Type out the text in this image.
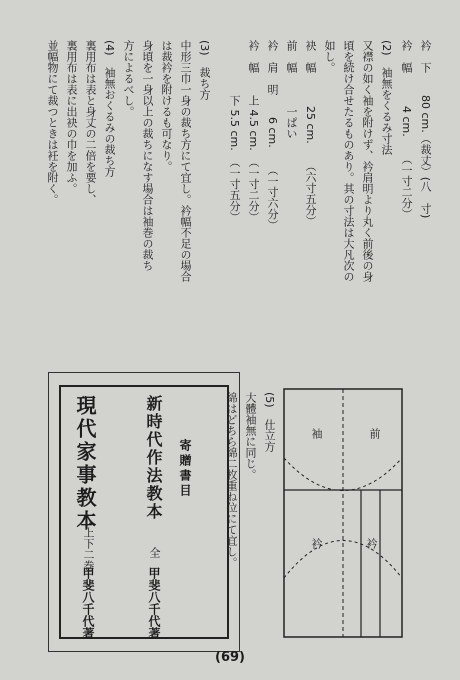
衿　下　　80 cm.（裁丈）(八　寸)
衿　幅　　　4 cm.　　（一寸二分）
(2)　袖無をくるみ寸法
又襟の如く袖を附けず、衿肩明より丸く前後の身
頃を続け合せたるものあり。其の寸法は大凡次の
如し。
袂　幅　　　25 cm.　　（六寸五分）
前　幅　　　一ぱい
衿　肩　明　　6 cm.　　（一寸六分）
衿　幅　　上 4.5 cm.　（一寸二分）
　　　　　下 5.5 cm.　（一寸五分）
(3)　裁ち方
中形三巾一身の裁ち方にて宜し。衿幅不足の場合
は裁衿を附けるも可なり。
身頃を一身以上の裁ちになす場合は袖巻の裁ち
方によるべし。
(4)　袖無おくるみの裁ち方
裏用布は表と身丈の二倍を要し、
裏用布は表に出袂の巾を加ふ。
並幅物にて裁つときは衽を附く。
(5)　仕立方
大體袖無に同じ。
綿はどちら綿二枚重ね位にて宜し。	前
袖
衿	衿
寄贈書目
新時代作法教本
全
甲斐八千代著
現代家事教本
上下二巻
甲斐八千代著
(69)
